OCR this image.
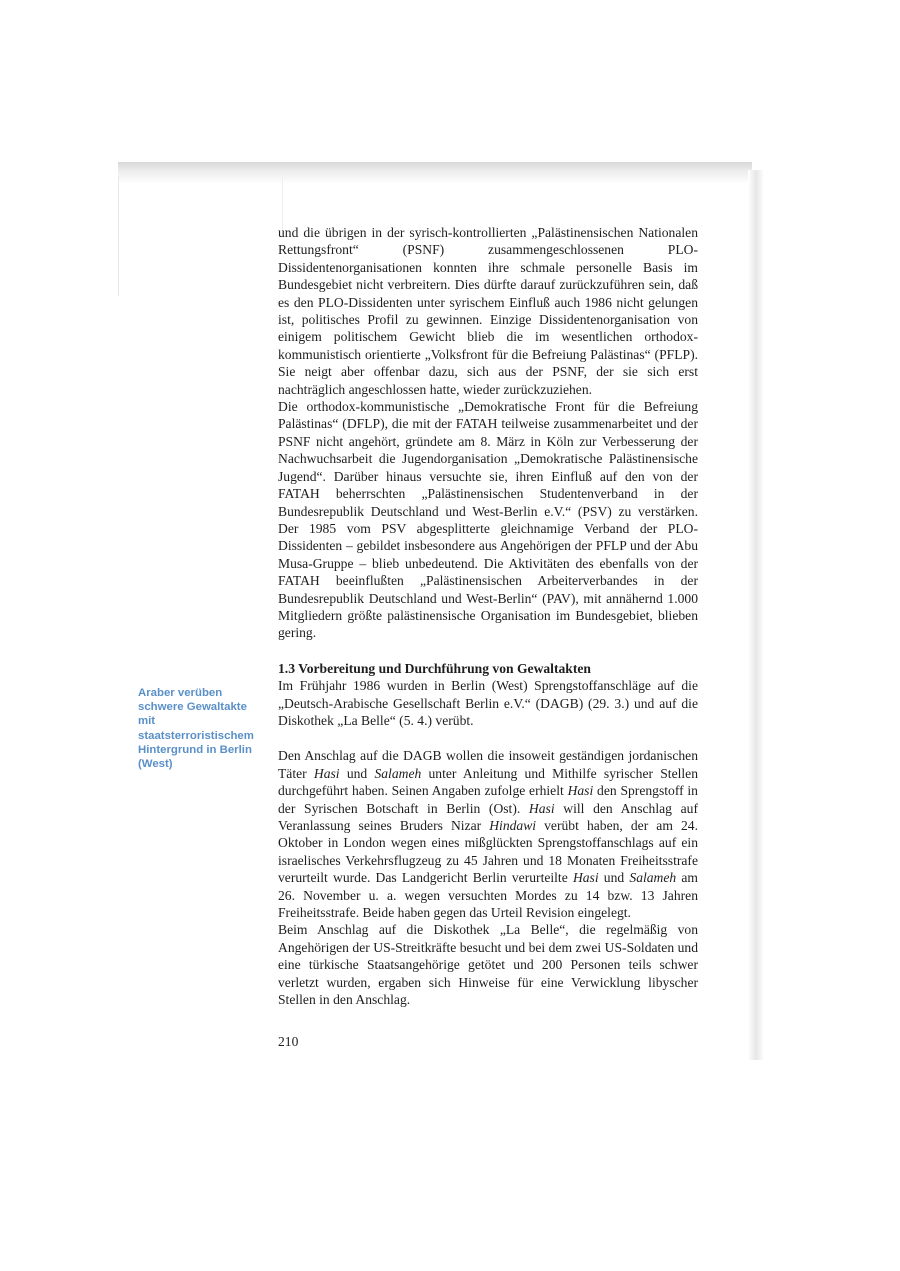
Araber verüben schwere Gewaltakte mit staatsterroristischem Hintergrund in Berlin (West)

und die übrigen in der syrisch-kontrollierten „Palästinensischen Nationalen Rettungsfront“ (PSNF) zusammengeschlossenen PLO-Dissidentenorganisationen konnten ihre schmale personelle Basis im Bundesgebiet nicht verbreitern. Dies dürfte darauf zurückzuführen sein, daß es den PLO-Dissidenten unter syrischem Einfluß auch 1986 nicht gelungen ist, politisches Profil zu gewinnen. Einzige Dissidentenorganisation von einigem politischem Gewicht blieb die im wesentlichen orthodox-kommunistisch orientierte „Volksfront für die Befreiung Palästinas“ (PFLP). Sie neigt aber offenbar dazu, sich aus der PSNF, der sie sich erst nachträglich angeschlossen hatte, wieder zurückzuziehen.

Die orthodox-kommunistische „Demokratische Front für die Befreiung Palästinas“ (DFLP), die mit der FATAH teilweise zusammenarbeitet und der PSNF nicht angehört, gründete am 8. März in Köln zur Verbesserung der Nachwuchsarbeit die Jugendorganisation „Demokratische Palästinensische Jugend“. Darüber hinaus versuchte sie, ihren Einfluß auf den von der FATAH beherrschten „Palästinensischen Studentenverband in der Bundesrepublik Deutschland und West-Berlin e.V.“ (PSV) zu verstärken. Der 1985 vom PSV abgesplitterte gleichnamige Verband der PLO-Dissidenten – gebildet insbesondere aus Angehörigen der PFLP und der Abu Musa-Gruppe – blieb unbedeutend. Die Aktivitäten des ebenfalls von der FATAH beeinflußten „Palästinensischen Arbeiterverbandes in der Bundesrepublik Deutschland und West-Berlin“ (PAV), mit annähernd 1.000 Mitgliedern größte palästinensische Organisation im Bundesgebiet, blieben gering.

1.3 Vorbereitung und Durchführung von Gewaltakten

Im Frühjahr 1986 wurden in Berlin (West) Sprengstoffanschläge auf die „Deutsch-Arabische Gesellschaft Berlin e.V.“ (DAGB) (29. 3.) und auf die Diskothek „La Belle“ (5. 4.) verübt.

Den Anschlag auf die DAGB wollen die insoweit geständigen jordanischen Täter Hasi und Salameh unter Anleitung und Mithilfe syrischer Stellen durchgeführt haben. Seinen Angaben zufolge erhielt Hasi den Sprengstoff in der Syrischen Botschaft in Berlin (Ost). Hasi will den Anschlag auf Veranlassung seines Bruders Nizar Hindawi verübt haben, der am 24. Oktober in London wegen eines mißglückten Sprengstoffanschlags auf ein israelisches Verkehrsflugzeug zu 45 Jahren und 18 Monaten Freiheitsstrafe verurteilt wurde. Das Landgericht Berlin verurteilte Hasi und Salameh am 26. November u. a. wegen versuchten Mordes zu 14 bzw. 13 Jahren Freiheitsstrafe. Beide haben gegen das Urteil Revision eingelegt.

Beim Anschlag auf die Diskothek „La Belle“, die regelmäßig von Angehörigen der US-Streitkräfte besucht und bei dem zwei US-Soldaten und eine türkische Staatsangehörige getötet und 200 Personen teils schwer verletzt wurden, ergaben sich Hinweise für eine Verwicklung libyscher Stellen in den Anschlag.

210
